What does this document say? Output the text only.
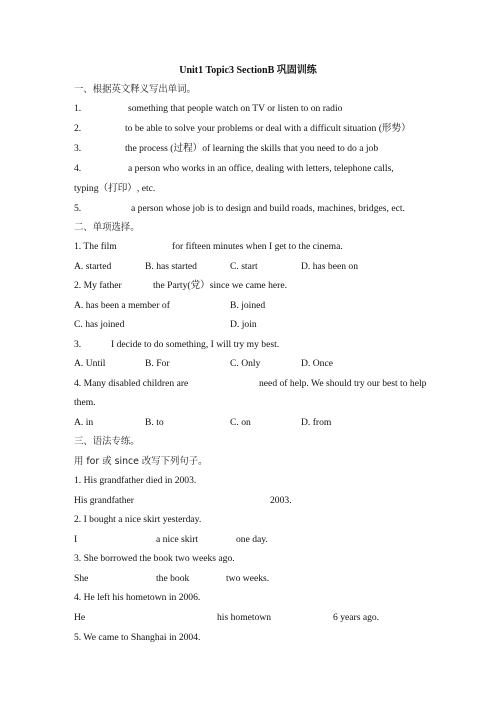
Unit1 Topic3 SectionB 巩固训练
一、根据英文释义写出单词。
1.	something that people watch on TV or listen to on radio
2.	to be able to solve your problems or deal with a difficult situation (形势）
3.	the process (过程）of learning the skills that you need to do a job
4.	a person who works in an office, dealing with letters, telephone calls,
typing（打印）, etc.
5.	a person whose job is to design and build roads, machines, bridges, ect.
二、单项选择。
1. The film	for fifteen minutes when I get to the cinema.
A. started	B. has started	C. start	D. has been on
2. My father	the Party(党）since we came here.
A. has been a member of	B. joined
C. has joined	D. join
3.	I decide to do something, I will try my best.
A. Until	B. For	C. Only	D. Once
4. Many disabled children are	need of help. We should try our best to help
them.
A. in	B. to	C. on	D. from
三、语法专练。
用 for 或 since 改写下列句子。
1. His grandfather died in 2003.
His grandfather	2003.
2. I bought a nice skirt yesterday.
I	a nice skirt	one day.
3. She borrowed the book two weeks ago.
She	the book	two weeks.
4. He left his hometown in 2006.
He	his hometown	6 years ago.
5. We came to Shanghai in 2004.
